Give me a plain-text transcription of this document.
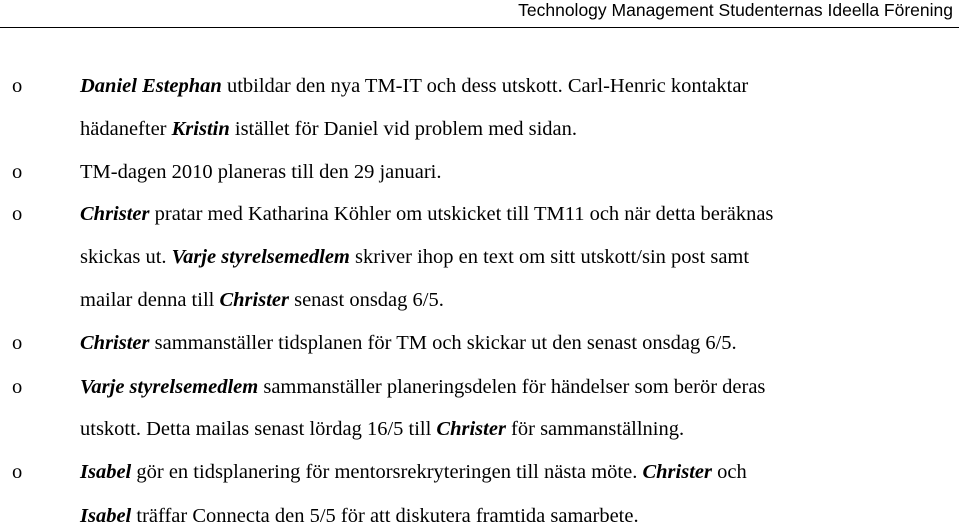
Technology Management Studenternas Ideella Förening
o	Daniel Estephan utbildar den nya TM-IT och dess utskott. Carl-Henric kontaktar
hädanefter Kristin istället för Daniel vid problem med sidan.
o	TM-dagen 2010 planeras till den 29 januari.
o	Christer pratar med Katharina Köhler om utskicket till TM11 och när detta beräknas
skickas ut. Varje styrelsemedlem skriver ihop en text om sitt utskott/sin post samt
mailar denna till Christer senast onsdag 6/5.
o	Christer sammanställer tidsplanen för TM och skickar ut den senast onsdag 6/5.
o	Varje styrelsemedlem sammanställer planeringsdelen för händelser som berör deras
utskott. Detta mailas senast lördag 16/5 till Christer för sammanställning.
o	Isabel gör en tidsplanering för mentorsrekryteringen till nästa möte. Christer och
Isabel träffar Connecta den 5/5 för att diskutera framtida samarbete.
